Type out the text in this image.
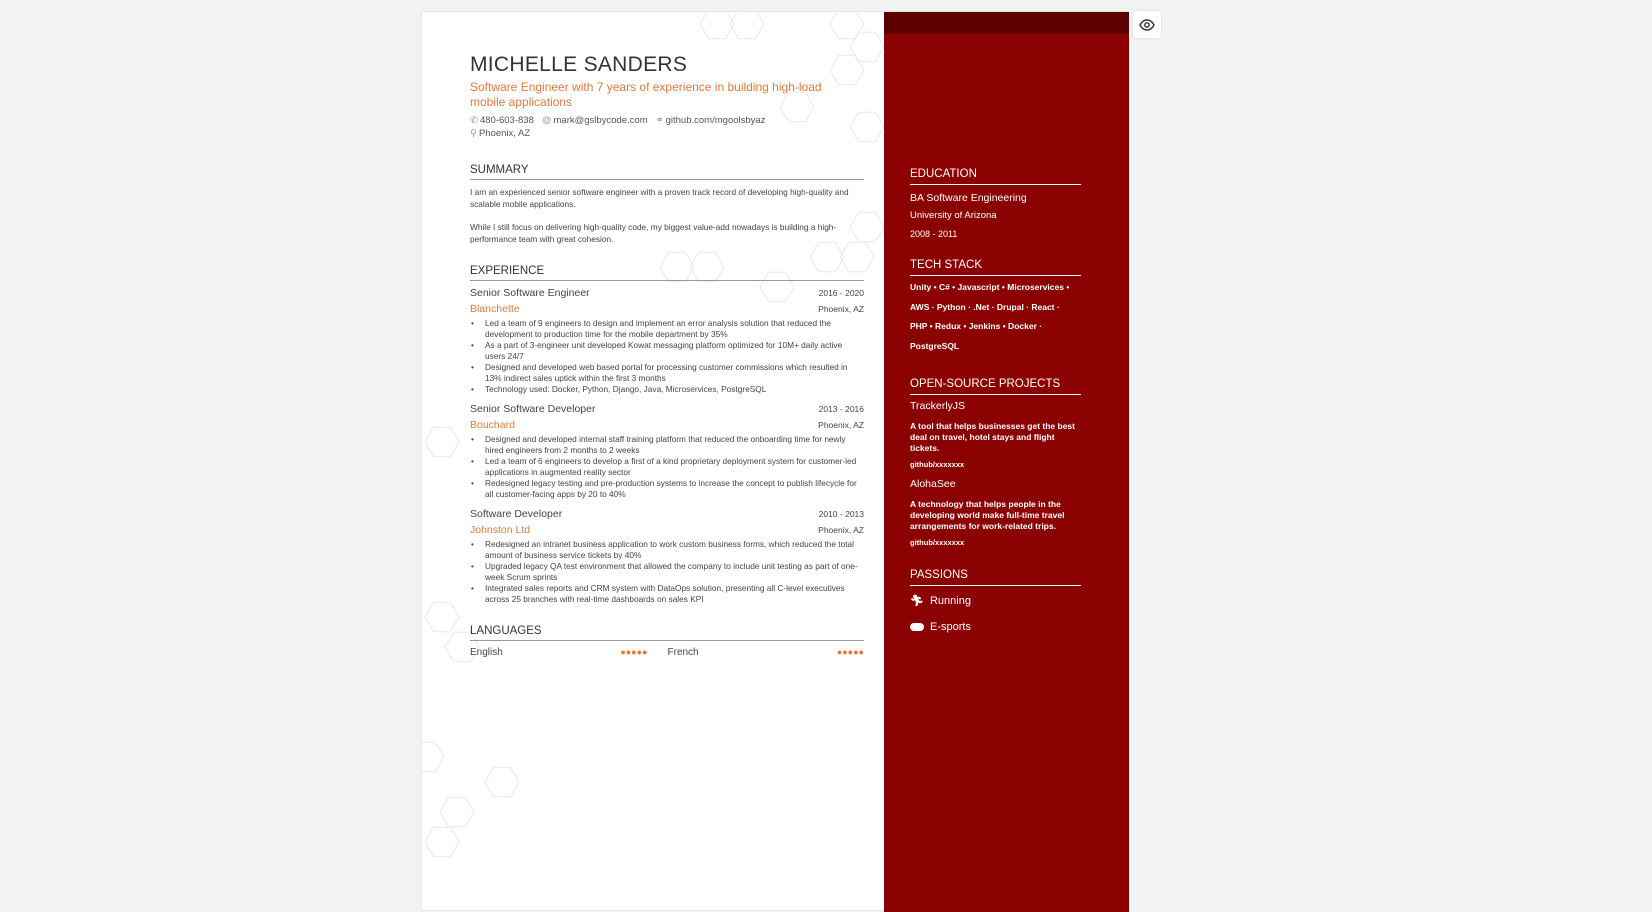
MICHELLE SANDERS
Software Engineer with 7 years of experience in building high-load mobile applications
✆ 480-603-838 @ mark@gslbycode.com ⚭ github.com/mgoolsbyaz
⚲ Phoenix, AZ
SUMMARY
I am an experienced senior software engineer with a proven track record of developing high-quality and scalable mobile applications.
While I still focus on delivering high-quality code, my biggest value-add nowadays is building a high-performance team with great cohesion.
EXPERIENCE
Senior Software Engineer	2016 - 2020
Blanchette	Phoenix, AZ
• Led a team of 9 engineers to design and implement an error analysis solution that reduced the development to production time for the mobile department by 35%
• As a part of 3-engineer unit developed Kowat messaging platform optimized for 10M+ daily active users 24/7
• Designed and developed web based portal for processing customer commissions which resulted in 13% indirect sales uptick within the first 3 months
• Technology used: Docker, Python, Django, Java, Microservices, PostgreSQL
Senior Software Developer	2013 - 2016
Bouchard	Phoenix, AZ
• Designed and developed internal staff training platform that reduced the onboarding time for newly hired engineers from 2 months to 2 weeks
• Led a team of 6 engineers to develop a first of a kind proprietary deployment system for customer-led applications in augmented reality sector
• Redesigned legacy testing and pre-production systems to increase the concept to publish lifecycle for all customer-facing apps by 20 to 40%
Software Developer	2010 - 2013
Johnston Ltd	Phoenix, AZ
• Redesigned an intranet business application to work custom business forms, which reduced the total amount of business service tickets by 40%
• Upgraded legacy QA test environment that allowed the company to include unit testing as part of one-week Scrum sprints
• Integrated sales reports and CRM system with DataOps solution, presenting all C-level executives across 25 branches with real-time dashboards on sales KPI
LANGUAGES
English	●●●●● French	●●●●●
EDUCATION
BA Software Engineering
University of Arizona
2008 - 2011
TECH STACK
Unity • C# • Javascript • Microservices •
AWS · Python · .Net · Drupal · React ·
PHP • Redux • Jenkins • Docker ·
PostgreSQL
OPEN-SOURCE PROJECTS
TrackerlyJS
A tool that helps businesses get the best deal on travel, hotel stays and flight tickets.
github/xxxxxxx
AlohaSee
A technology that helps people in the developing world make full-time travel arrangements for work-related trips.
github/xxxxxxx
PASSIONS
🏃︎ Running
E-sports
